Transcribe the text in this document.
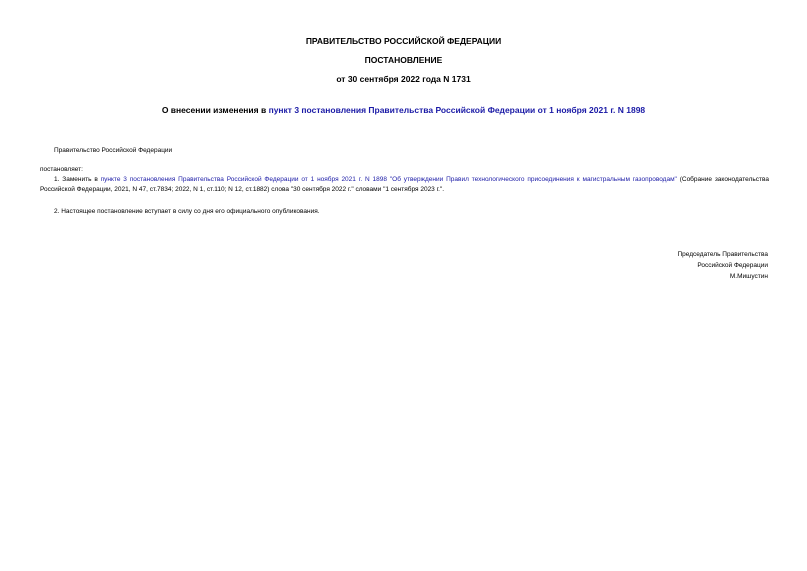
ПРАВИТЕЛЬСТВО РОССИЙСКОЙ ФЕДЕРАЦИИ
ПОСТАНОВЛЕНИЕ
от 30 сентября 2022 года N 1731
О внесении изменения в пункт 3 постановления Правительства Российской Федерации от 1 ноября 2021 г. N 1898
Правительство Российской Федерации
постановляет:
1. Заменить в пункте 3 постановления Правительства Российской Федерации от 1 ноября 2021 г. N 1898 "Об утверждении Правил технологического присоединения к магистральным газопроводам" (Собрание законодательства Российской Федерации, 2021, N 47, ст.7834; 2022, N 1, ст.110; N 12, ст.1882) слова "30 сентября 2022 г." словами "1 сентября 2023 г.".
2. Настоящее постановление вступает в силу со дня его официального опубликования.
Председатель Правительства
Российской Федерации
М.Мишустин
